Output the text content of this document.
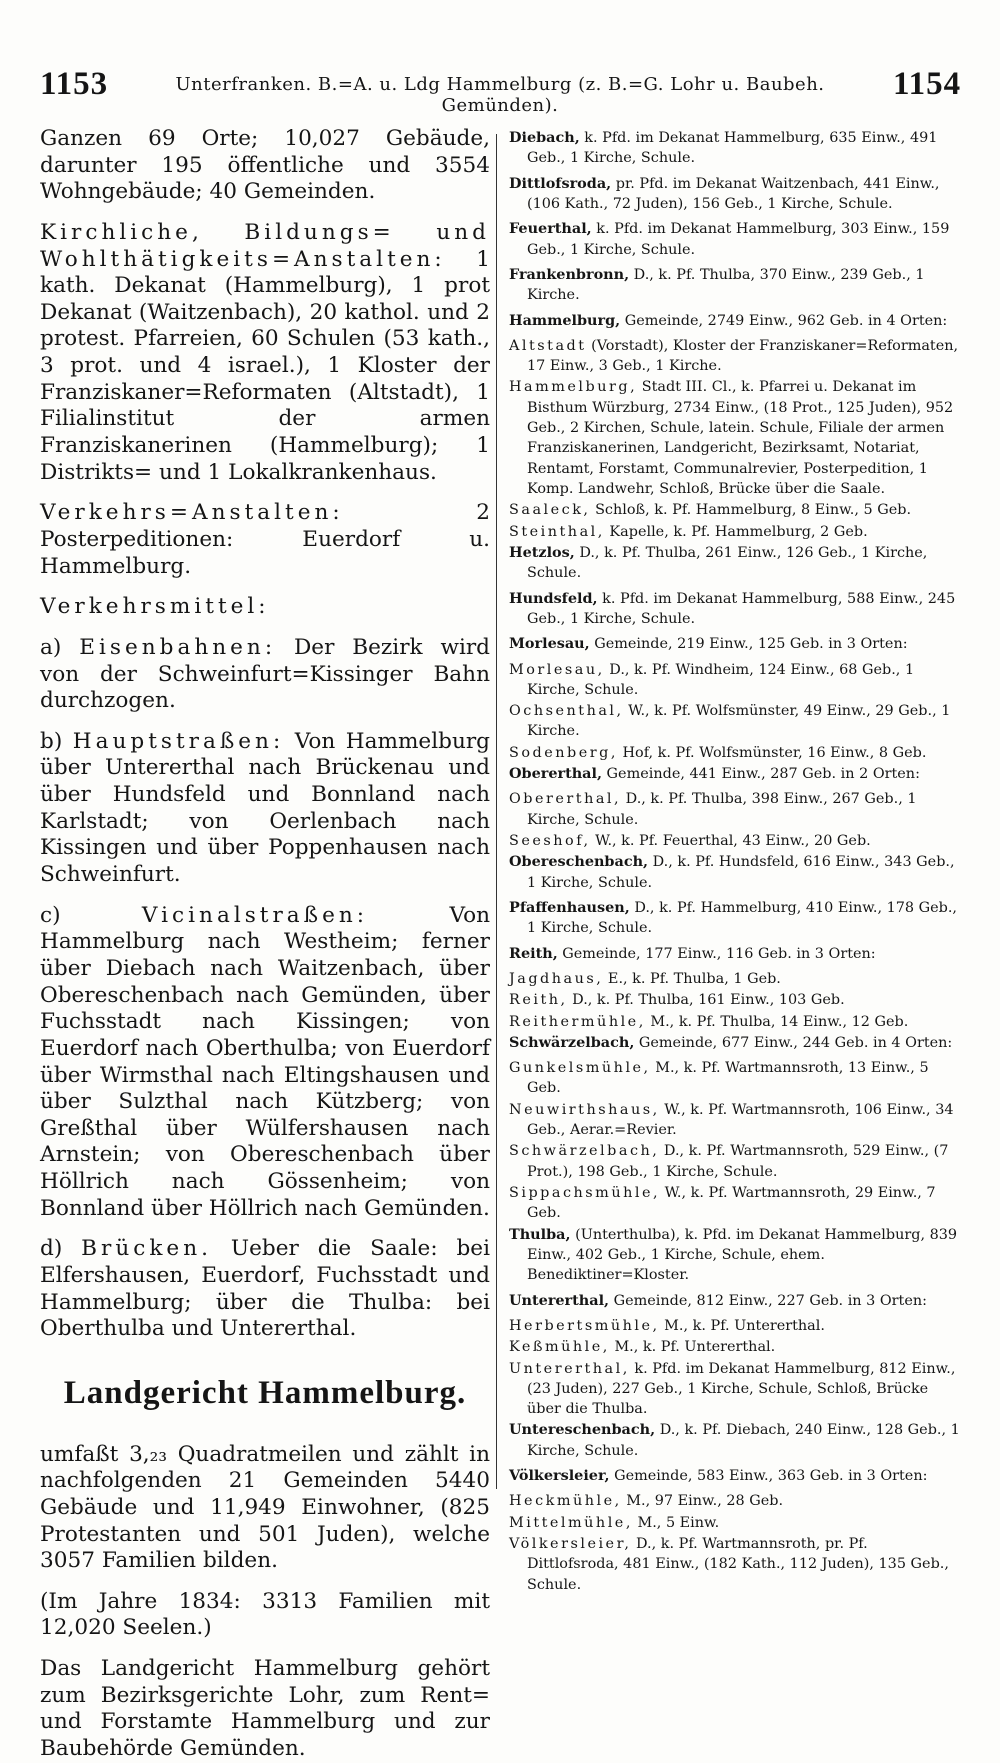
1153	Unterfranken. B.=A. u. Ldg Hammelburg (z. B.=G. Lohr u. Baubeh. Gemünden).
1154

Ganzen 69 Orte; 10,027 Gebäude, darunter 195 öffentliche und 3554 Wohngebäude; 40 Gemeinden.

Kirchliche, Bildungs= und Wohlthätigkeits=Anstalten: 1 kath. Dekanat (Hammelburg), 1 prot Dekanat (Waitzenbach), 20 kathol. und 2 protest. Pfarreien, 60 Schulen (53 kath., 3 prot. und 4 israel.), 1 Kloster der Franziskaner=Reformaten (Altstadt), 1 Filialinstitut der armen Franziskanerinen (Hammelburg); 1 Distrikts= und 1 Lokalkrankenhaus.

Verkehrs=Anstalten:	2 Posterpeditionen: Euerdorf u. Hammelburg.

Verkehrsmittel:

a) Eisenbahnen: Der Bezirk wird von der Schweinfurt=Kissinger Bahn durchzogen.

b) Hauptstraßen: Von Hammelburg über Untererthal nach Brückenau und über Hundsfeld und Bonnland nach Karlstadt; von Oerlenbach nach Kissingen und über Poppenhausen nach Schweinfurt.

c)	Vicinalstraßen:	Von Hammelburg nach Westheim; ferner über Diebach nach Waitzenbach, über Obereschenbach nach Gemünden, über Fuchsstadt nach Kissingen; von Euerdorf nach Oberthulba; von Euerdorf über Wirmsthal nach Eltingshausen und über Sulzthal nach Kützberg; von Greßthal über Wülfershausen nach Arnstein; von Obereschenbach über Höllrich nach Gössenheim; von Bonnland über Höllrich nach Gemünden.

d) Brücken. Ueber die Saale: bei Elfershausen, Euerdorf, Fuchsstadt und Hammelburg; über die Thulba: bei Oberthulba und Untererthal.

Landgericht Hammelburg.

umfaßt 3,₂₃ Quadratmeilen und zählt in nachfolgenden 21 Gemeinden 5440 Gebäude und 11,949 Einwohner, (825 Protestanten und 501 Juden), welche 3057 Familien bilden.

(Im Jahre 1834: 3313 Familien mit 12,020 Seelen.)

Das Landgericht Hammelburg gehört zum Bezirksgerichte Lohr, zum Rent= und Forstamte Hammelburg und zur Baubehörde Gemünden.

Diebach, k. Pfd. im Dekanat Hammelburg, 635 Einw., 491 Geb., 1 Kirche, Schule.

Dittlofsroda, pr. Pfd. im Dekanat Waitzenbach, 441 Einw., (106 Kath., 72 Juden), 156 Geb., 1 Kirche, Schule.

Feuerthal, k. Pfd. im Dekanat Hammelburg, 303 Einw., 159 Geb., 1 Kirche, Schule.

Frankenbronn, D., k. Pf. Thulba, 370 Einw., 239 Geb., 1 Kirche.

Hammelburg, Gemeinde, 2749 Einw., 962 Geb. in 4 Orten:

Altstadt (Vorstadt), Kloster der Franziskaner=Reformaten, 17 Einw., 3 Geb., 1 Kirche.

Hammelburg, Stadt III. Cl., k. Pfarrei u. Dekanat im Bisthum Würzburg, 2734 Einw., (18 Prot., 125 Juden), 952 Geb., 2 Kirchen, Schule, latein. Schule, Filiale der armen Franziskanerinen, Landgericht, Bezirksamt, Notariat, Rentamt, Forstamt, Communalrevier, Posterpedition, 1 Komp. Landwehr, Schloß, Brücke über die Saale.

Saaleck, Schloß, k. Pf. Hammelburg, 8 Einw., 5 Geb.

Steinthal, Kapelle, k. Pf. Hammelburg, 2 Geb.

Hetzlos, D., k. Pf. Thulba, 261 Einw., 126 Geb., 1 Kirche, Schule.

Hundsfeld, k. Pfd. im Dekanat Hammelburg, 588 Einw., 245 Geb., 1 Kirche, Schule.

Morlesau, Gemeinde, 219 Einw., 125 Geb. in 3 Orten:

Morlesau, D., k. Pf. Windheim, 124 Einw., 68 Geb., 1 Kirche, Schule.

Ochsenthal, W., k. Pf. Wolfsmünster, 49 Einw., 29 Geb., 1 Kirche.

Sodenberg, Hof, k. Pf. Wolfsmünster, 16 Einw., 8 Geb.

Obererthal, Gemeinde, 441 Einw., 287 Geb. in 2 Orten:

Obererthal, D., k. Pf. Thulba, 398 Einw., 267 Geb., 1 Kirche, Schule.

Seeshof, W., k. Pf. Feuerthal, 43 Einw., 20 Geb.

Obereschenbach, D., k. Pf. Hundsfeld, 616 Einw., 343 Geb., 1 Kirche, Schule.

Pfaffenhausen, D., k. Pf. Hammelburg, 410 Einw., 178 Geb., 1 Kirche, Schule.

Reith, Gemeinde, 177 Einw., 116 Geb. in 3 Orten:

Jagdhaus, E., k. Pf. Thulba, 1 Geb.

Reith, D., k. Pf. Thulba, 161 Einw., 103 Geb.

Reithermühle, M., k. Pf. Thulba, 14 Einw., 12 Geb.

Schwärzelbach, Gemeinde, 677 Einw., 244 Geb. in 4 Orten:

Gunkelsmühle, M., k. Pf. Wartmannsroth, 13 Einw., 5 Geb.

Neuwirthshaus, W., k. Pf. Wartmannsroth, 106 Einw., 34 Geb., Aerar.=Revier.

Schwärzelbach, D., k. Pf. Wartmannsroth, 529 Einw., (7 Prot.), 198 Geb., 1 Kirche, Schule.

Sippachsmühle, W., k. Pf. Wartmannsroth, 29 Einw., 7 Geb.

Thulba, (Unterthulba), k. Pfd. im Dekanat Hammelburg, 839 Einw., 402 Geb., 1 Kirche, Schule, ehem. Benediktiner=Kloster.

Untererthal, Gemeinde, 812 Einw., 227 Geb. in 3 Orten:

Herbertsmühle, M., k. Pf. Untererthal.

Keßmühle, M., k. Pf. Untererthal.

Untererthal, k. Pfd. im Dekanat Hammelburg, 812 Einw., (23 Juden), 227 Geb., 1 Kirche, Schule, Schloß, Brücke über die Thulba.

Untereschenbach, D., k. Pf. Diebach, 240 Einw., 128 Geb., 1 Kirche, Schule.

Völkersleier, Gemeinde, 583 Einw., 363 Geb. in 3 Orten:

Heckmühle, M., 97 Einw., 28 Geb.

Mittelmühle, M., 5 Einw.

Völkersleier, D., k. Pf. Wartmannsroth, pr. Pf. Dittlofsroda, 481 Einw., (182 Kath., 112 Juden), 135 Geb., Schule.
